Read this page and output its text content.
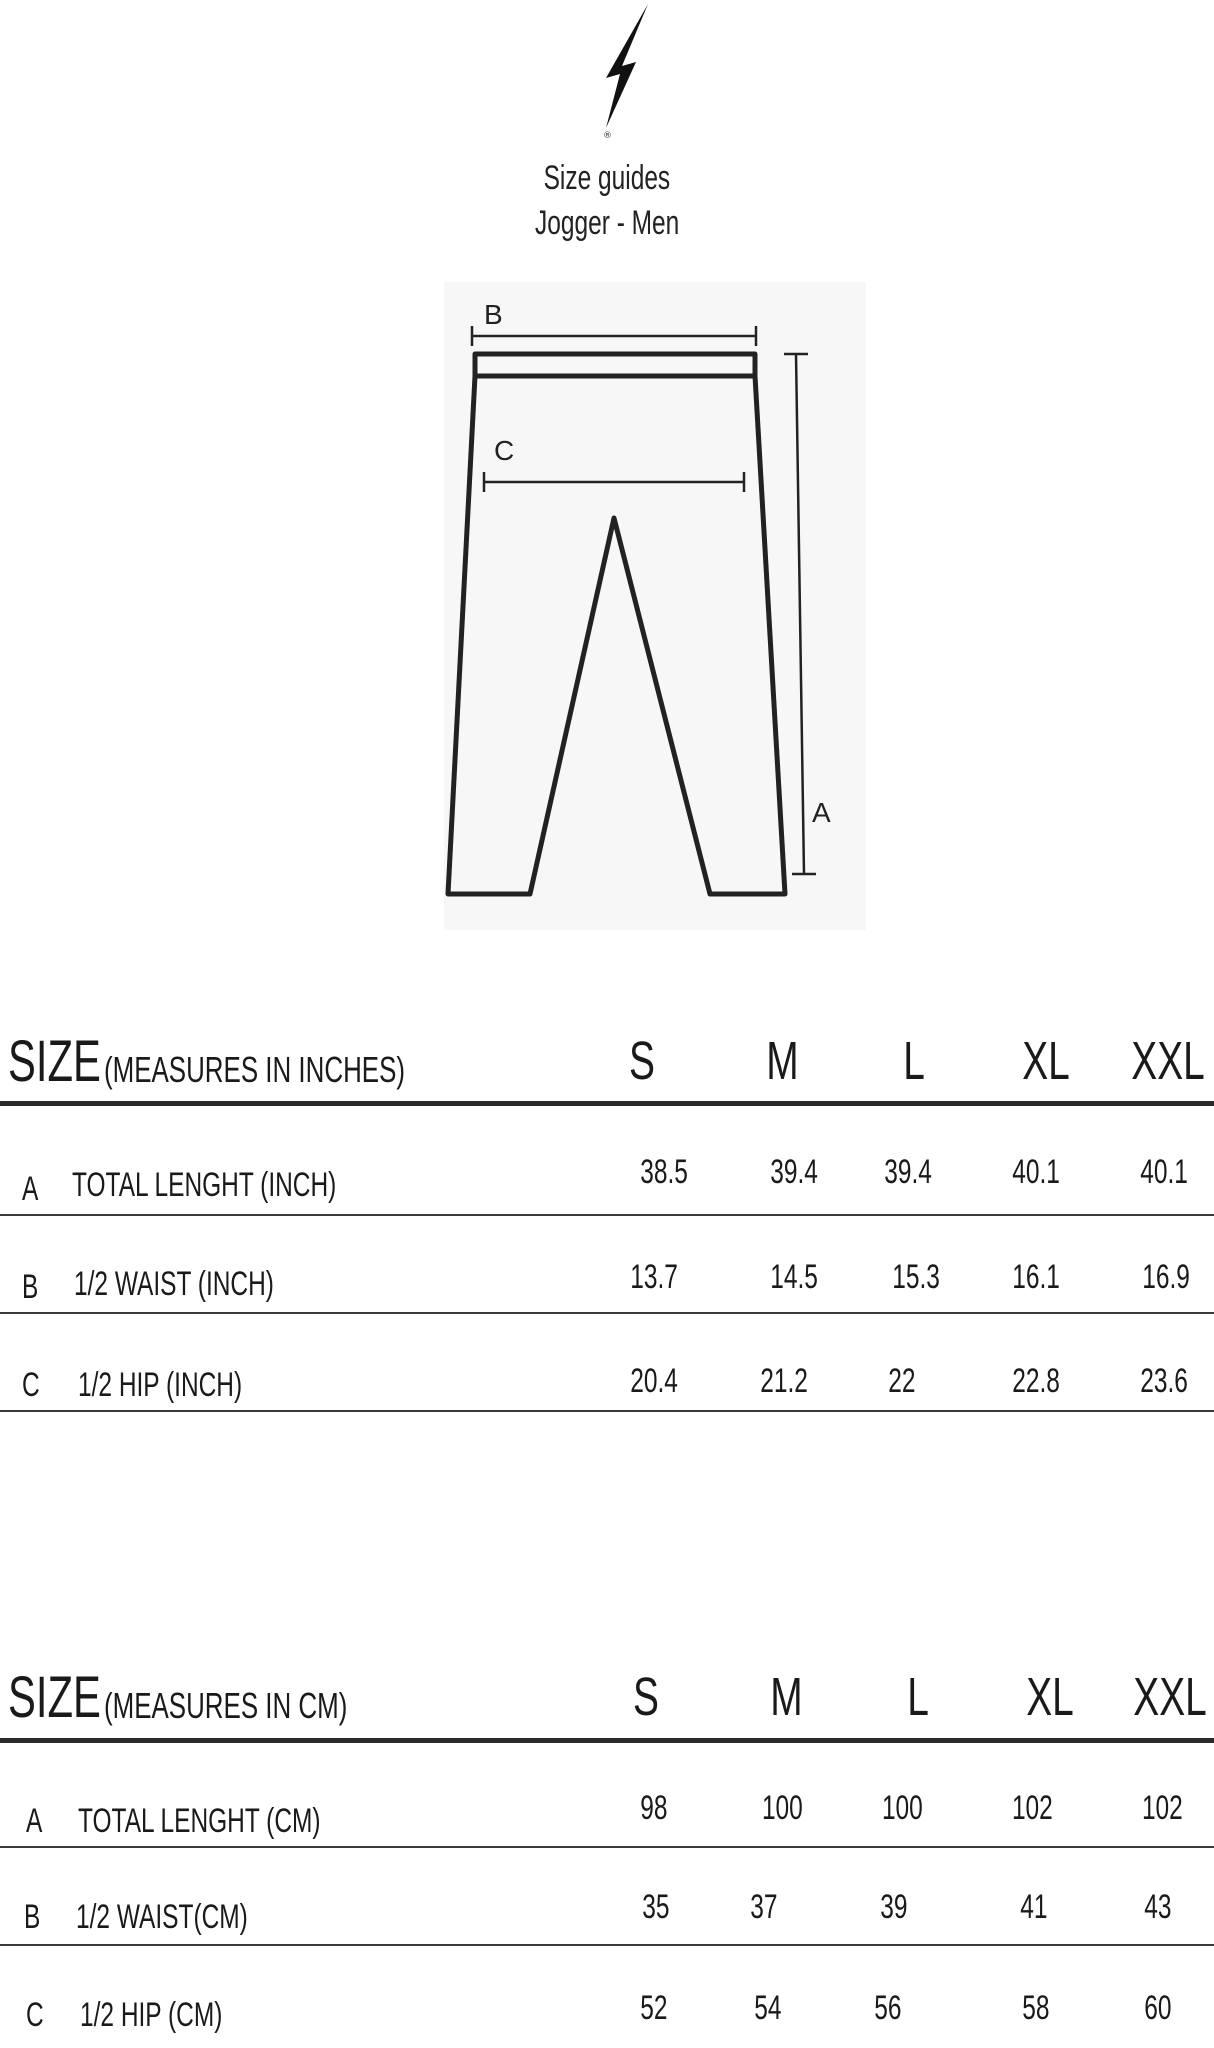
®
Size guides
Jogger - Men
B
C
A
SIZE (MEASURES IN INCHES)	S	M	L	XL	XXL
A TOTAL LENGHT (INCH)	38.5	39.4	39.4	40.1	40.1
B 1/2 WAIST (INCH)	13.7	14.5	15.3	16.1	16.9
C 1/2 HIP (INCH)	20.4	21.2	22	22.8	23.6
SIZE (MEASURES IN CM)	S	M	L	XL	XXL
A TOTAL LENGHT (CM)	98	100	100	102	102
B 1/2 WAIST(CM)	35	37	39	41	43
C 1/2 HIP (CM)	52	54	56	58	60
